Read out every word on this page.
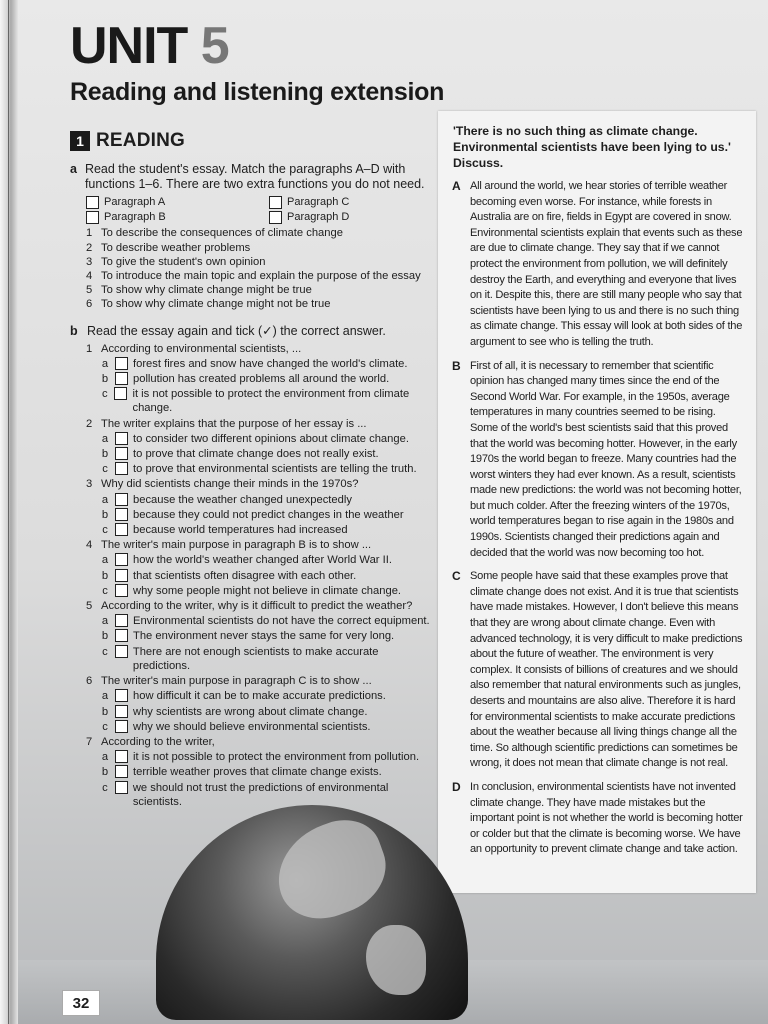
UNIT 5
Reading and listening extension
1 READING
a Read the student's essay. Match the paragraphs A–D with functions 1–6. There are two extra functions you do not need.
Paragraph A	Paragraph C
Paragraph B	Paragraph D
1 To describe the consequences of climate change
2 To describe weather problems
3 To give the student's own opinion
4 To introduce the main topic and explain the purpose of the essay
5 To show why climate change might be true
6 To show why climate change might not be true
b Read the essay again and tick (✓) the correct answer.
1 According to environmental scientists, ...
a forest fires and snow have changed the world's climate.
b pollution has created problems all around the world.
c it is not possible to protect the environment from climate change.
2 The writer explains that the purpose of her essay is ...
a to consider two different opinions about climate change.
b to prove that climate change does not really exist.
c to prove that environmental scientists are telling the truth.
3 Why did scientists change their minds in the 1970s?
a because the weather changed unexpectedly
b because they could not predict changes in the weather
c because world temperatures had increased
4 The writer's main purpose in paragraph B is to show ...
a how the world's weather changed after World War II.
b that scientists often disagree with each other.
c why some people might not believe in climate change.
5 According to the writer, why is it difficult to predict the weather?
a Environmental scientists do not have the correct equipment.
b The environment never stays the same for very long.
c There are not enough scientists to make accurate predictions.
6 The writer's main purpose in paragraph C is to show ...
a how difficult it can be to make accurate predictions.
b why scientists are wrong about climate change.
c why we should believe environmental scientists.
7 According to the writer,
a it is not possible to protect the environment from pollution.
b terrible weather proves that climate change exists.
c we should not trust the predictions of environmental scientists.
'There is no such thing as climate change. Environmental scientists have been lying to us.' Discuss.
A All around the world, we hear stories of terrible weather becoming even worse. For instance, while forests in Australia are on fire, fields in Egypt are covered in snow. Environmental scientists explain that events such as these are due to climate change. They say that if we cannot protect the environment from pollution, we will definitely destroy the Earth, and everything and everyone that lives on it. Despite this, there are still many people who say that scientists have been lying to us and there is no such thing as climate change. This essay will look at both sides of the argument to see who is telling the truth.
B First of all, it is necessary to remember that scientific opinion has changed many times since the end of the Second World War. For example, in the 1950s, average temperatures in many countries seemed to be rising. Some of the world's best scientists said that this proved that the world was becoming hotter. However, in the early 1970s the world began to freeze. Many countries had the worst winters they had ever known. As a result, scientists made new predictions: the world was not becoming hotter, but much colder. After the freezing winters of the 1970s, world temperatures began to rise again in the 1980s and 1990s. Scientists changed their predictions again and decided that the world was now becoming too hot.
C Some people have said that these examples prove that climate change does not exist. And it is true that scientists have made mistakes. However, I don't believe this means that they are wrong about climate change. Even with advanced technology, it is very difficult to make predictions about the future of weather. The environment is very complex. It consists of billions of creatures and we should also remember that natural environments such as jungles, deserts and mountains are also alive. Therefore it is hard for environmental scientists to make accurate predictions about the weather because all living things change all the time. So although scientific predictions can sometimes be wrong, it does not mean that climate change is not real.
D In conclusion, environmental scientists have not invented climate change. They have made mistakes but the important point is not whether the world is becoming hotter or colder but that the climate is becoming worse. We have an opportunity to prevent climate change and take action.
32
